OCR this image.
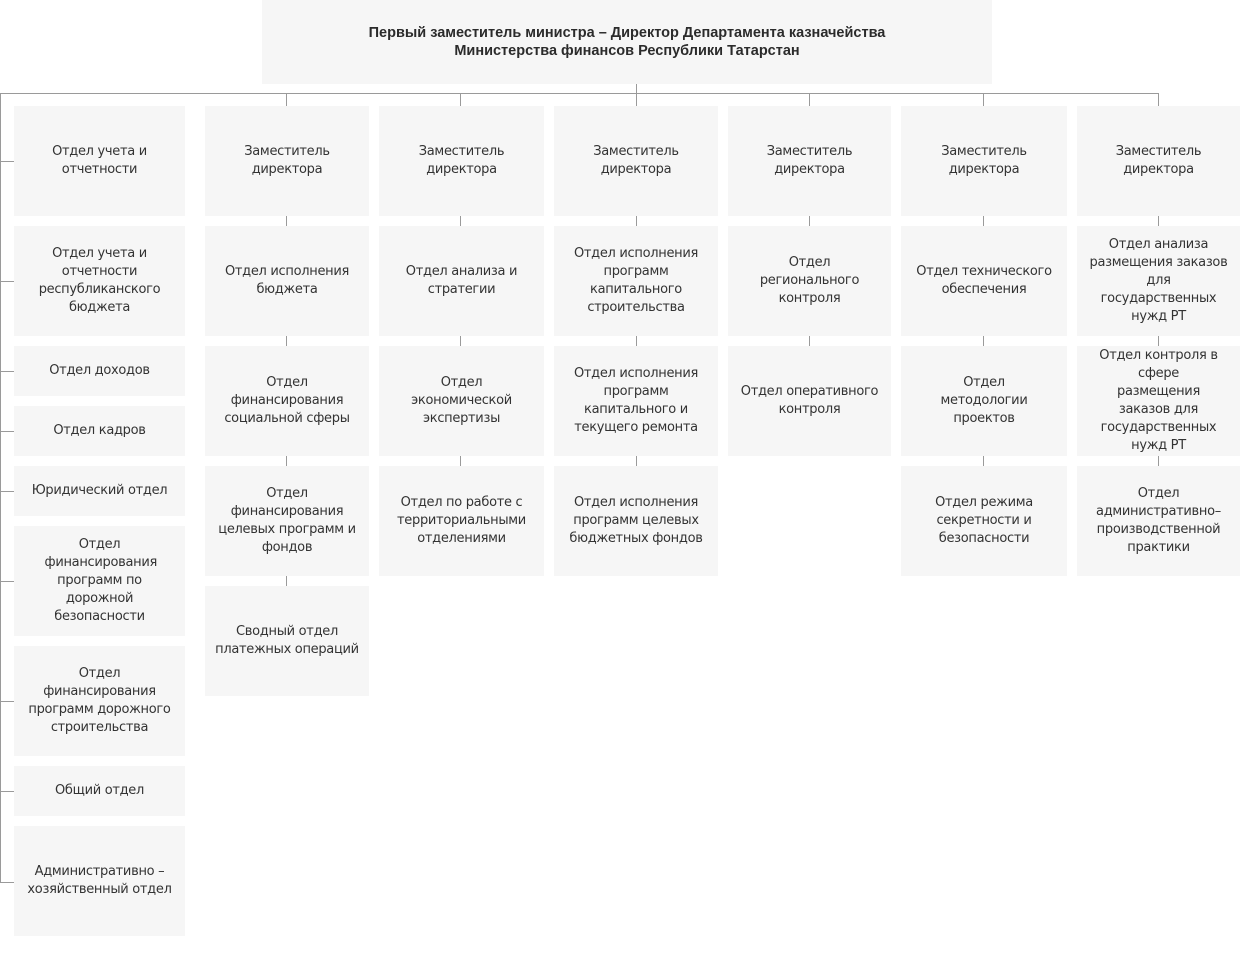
Первый заместитель министра – Директор Департамента казначейства
Министерства финансов Республики Татарстан
Отдел учета и отчетности
Отдел учета и отчетности республиканского бюджета
Отдел доходов
Отдел кадров
Юридический отдел
Отдел финансирования программ по дорожной безопасности
Отдел финансирования программ дорожного строительства
Общий отдел
Административно – хозяйственный отдел
Заместитель директора
Отдел исполнения бюджета
Отдел финансирования социальной сферы
Отдел финансирования целевых программ и фондов
Сводный отдел платежных операций
Заместитель директора
Отдел анализа и стратегии
Отдел экономической экспертизы
Отдел по работе с территориальными отделениями
Заместитель директора
Отдел исполнения программ капитального строительства
Отдел исполнения программ капитального и текущего ремонта
Отдел исполнения программ целевых бюджетных фондов
Заместитель директора
Отдел регионального контроля
Отдел оперативного контроля
Заместитель директора
Отдел технического обеспечения
Отдел методологии проектов
Отдел режима секретности и безопасности
Заместитель директора
Отдел анализа размещения заказов для государственных нужд РТ
Отдел контроля в сфере размещения заказов для государственных нужд РТ
Отдел административно–производственной практики
